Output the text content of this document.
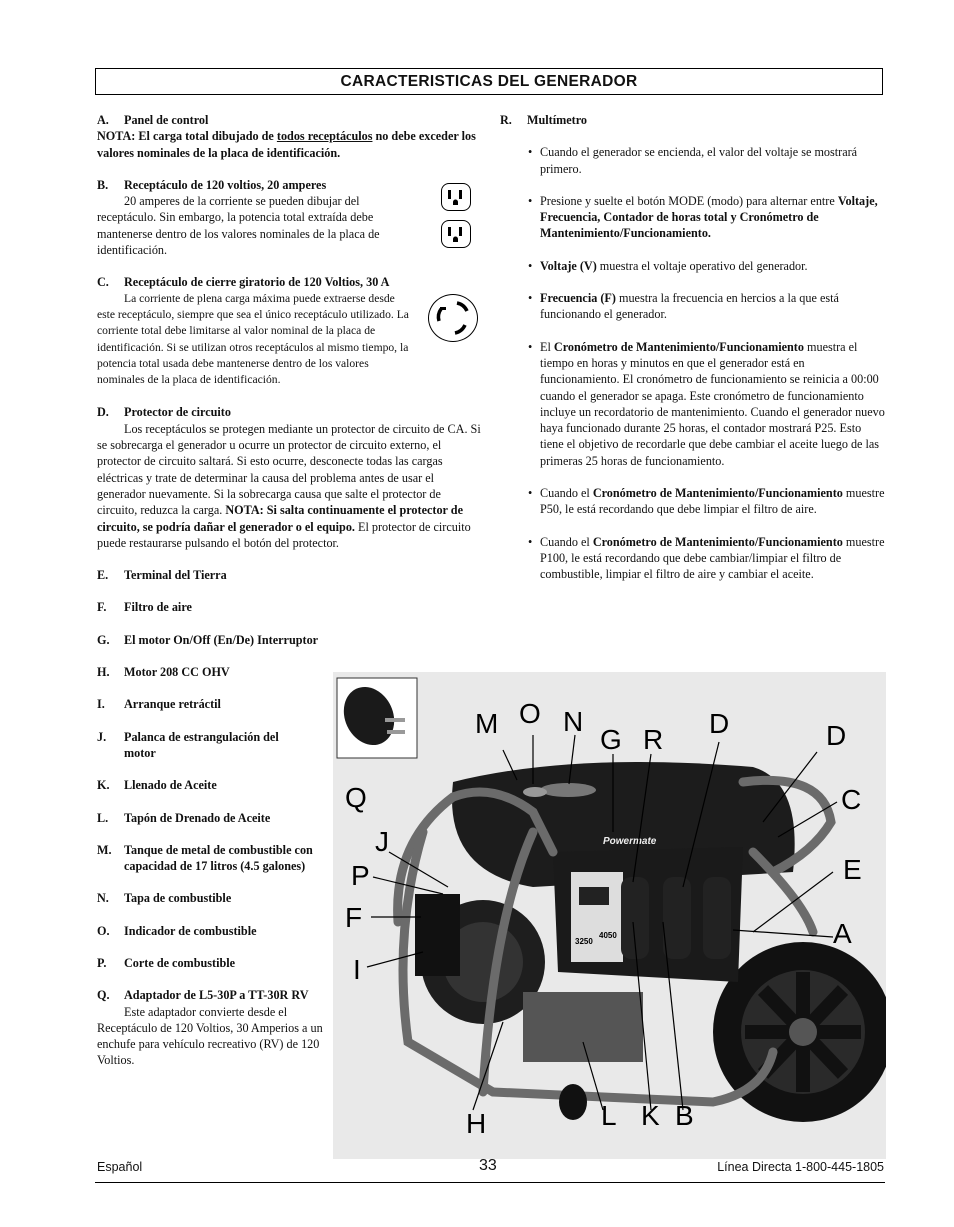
CARACTERISTICAS DEL GENERADOR
A.	Panel de control
NOTA: El carga total dibujado de todos receptáculos no debe exceder los valores nominales de la placa de identificación.
B.	Receptáculo de 120 voltios, 20 amperes
20 amperes de la corriente se pueden dibujar del receptáculo. Sin embargo, la potencia total extraída debe mantenerse dentro de los valores nominales de la placa de identificación.
C.	Receptáculo de cierre giratorio de 120 Voltios, 30 A
La corriente de plena carga máxima puede extraerse desde este receptáculo, siempre que sea el único receptáculo utilizado. La corriente total debe limitarse al valor nominal de la placa de identificación. Si se utilizan otros receptáculos al mismo tiempo, la potencia total usada debe mantenerse dentro de los valores nominales de la placa de identificación.
D.	Protector de circuito
Los receptáculos se protegen mediante un protector de circuito de CA. Si se sobrecarga el generador u ocurre un protector de circuito externo, el protector de circuito saltará. Si esto ocurre, desconecte todas las cargas eléctricas y trate de determinar la causa del problema antes de usar el generador nuevamente. Si la sobrecarga causa que salte el protector de circuito, reduzca la carga. NOTA: Si salta continuamente el protector de circuito, se podría dañar el generador o el equipo. El protector de circuito puede restaurarse pulsando el botón del protector.
E.	Terminal del Tierra
F.	Filtro de aire
G.	El motor On/Off (En/De) Interruptor
H.	Motor 208 CC OHV
I.	Arranque retráctil
J.	Palanca de estrangulación del motor
K.	Llenado de Aceite
L.	Tapón de Drenado de Aceite
M.	Tanque de metal de combustible con capacidad de 17 litros (4.5 galones)
N.	Tapa de combustible
O.	Indicador de combustible
P.	Corte de combustible
Q. Adaptador de L5-30P a TT-30R RV
Este adaptador convierte desde el Receptáculo de 120 Voltios, 30 Amperios a un enchufe para vehículo recreativo (RV) de 120 Voltios.
R.	Multímetro
• Cuando el generador se encienda, el valor del voltaje se mostrará primero.
• Presione y suelte el botón MODE (modo) para alternar entre Voltaje, Frecuencia, Contador de horas total y Cronómetro de Mantenimiento/Funcionamiento.
• Voltaje (V) muestra el voltaje operativo del generador.
• Frecuencia (F) muestra la frecuencia en hercios a la que está funcionando el generador.
• El Cronómetro de Mantenimiento/Funcionamiento muestra el tiempo en horas y minutos en que el generador está en funcionamiento. El cronómetro de funcionamiento se reinicia a 00:00 cuando el generador se apaga. Este cronómetro de funcionamiento incluye un recordatorio de mantenimiento. Cuando el generador nuevo haya funcionado durante 25 horas, el contador mostrará P25. Esto tiene el objetivo de recordarle que debe cambiar el aceite luego de las primeras 25 horas de funcionamiento.
• Cuando el Cronómetro de Mantenimiento/Funcionamiento muestre P50, le está recordando que debe limpiar el filtro de aire.
• Cuando el Cronómetro de Mantenimiento/Funcionamiento muestre P100, le está recordando que debe cambiar/limpiar el filtro de combustible, limpiar el filtro de aire y cambiar el aceite.
3250
4050
Powermate
M O N
G R
D	D
Q	C
J
P	E
F
A
I
H	L K B
Español	33	Línea Directa 1-800-445-1805
